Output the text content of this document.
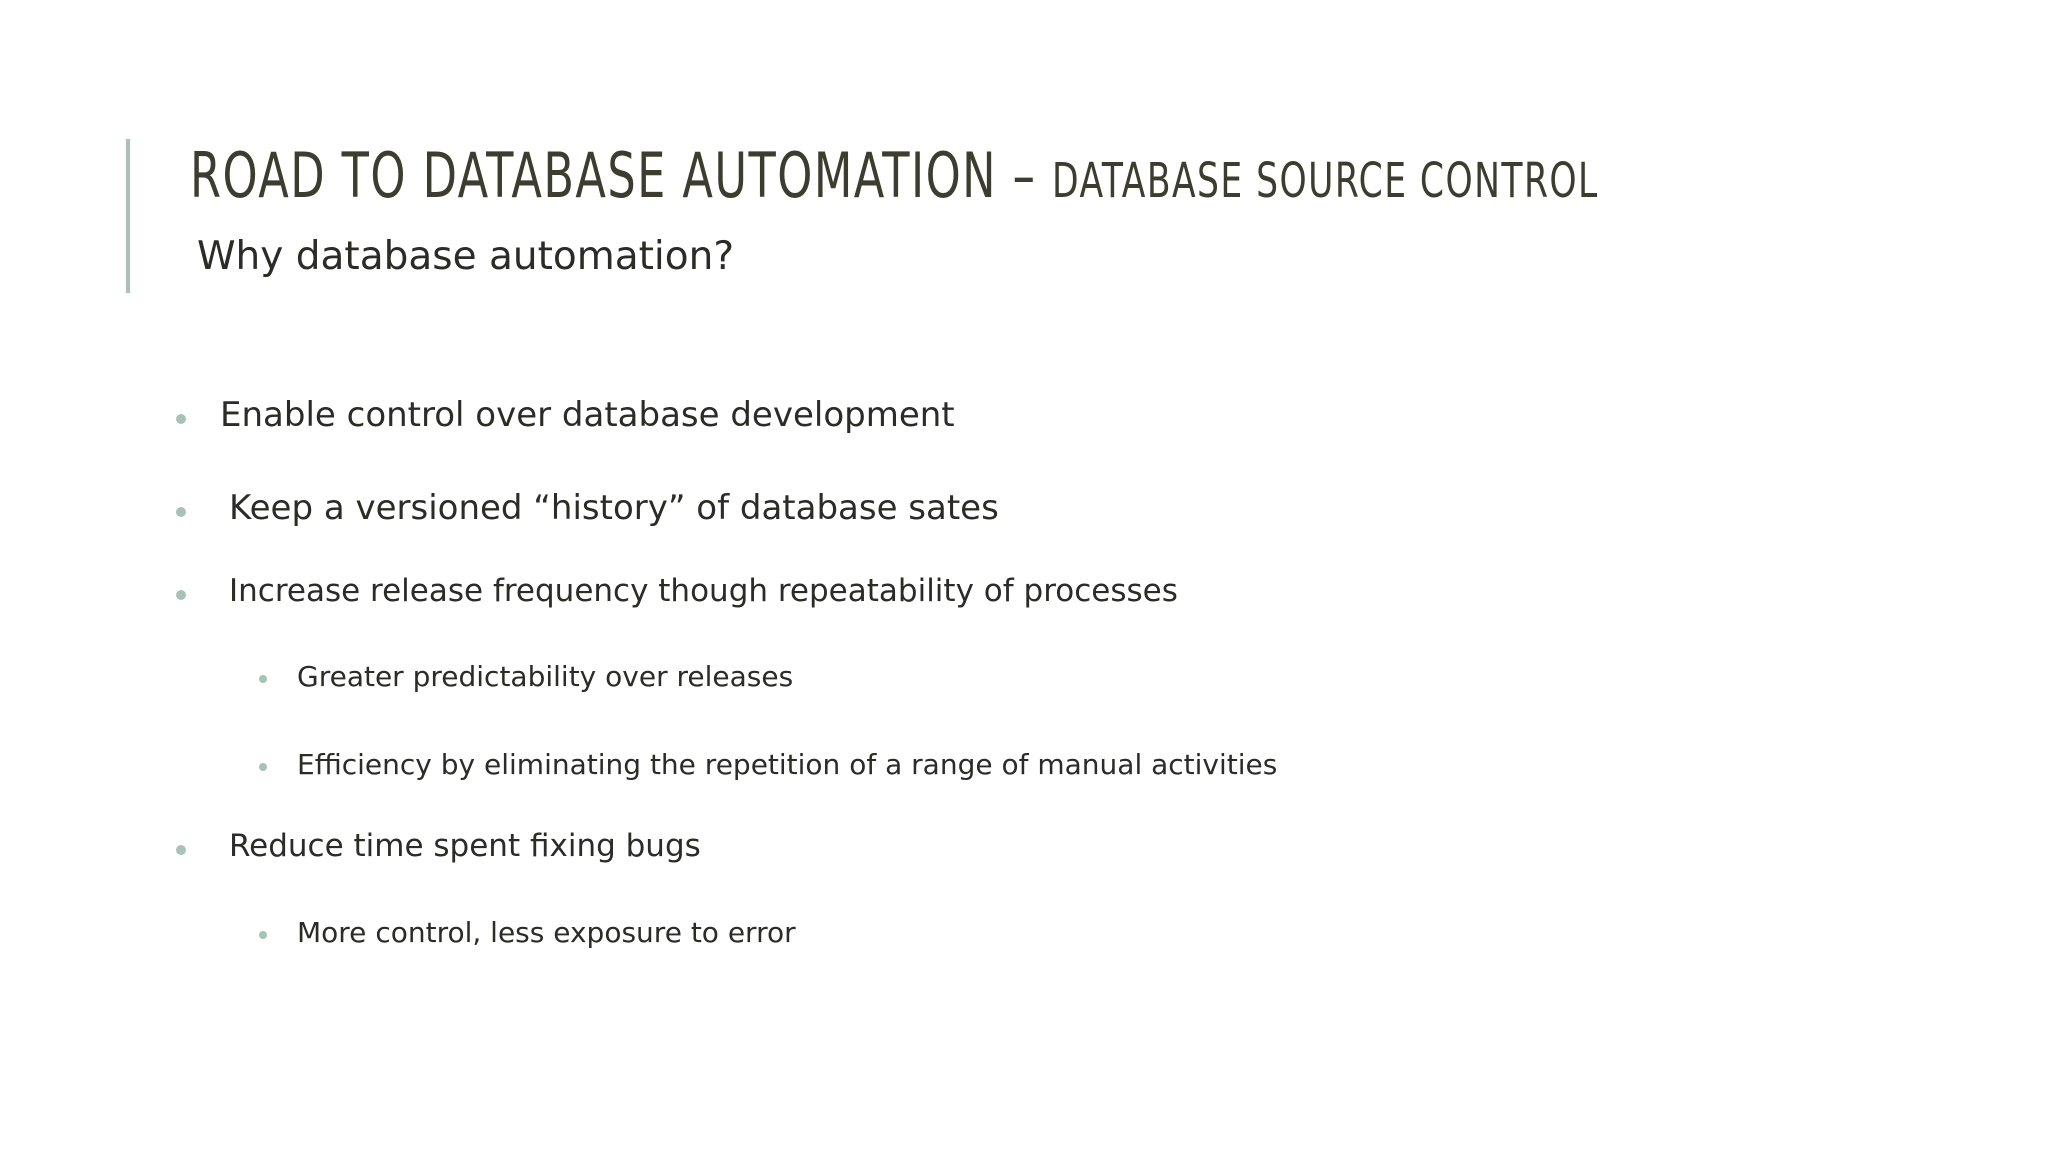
ROAD TO DATABASE AUTOMATION – DATABASE SOURCE CONTROL
Why database automation?
Enable control over database development
Keep a versioned “history” of database sates
Increase release frequency though repeatability of processes
Greater predictability over releases
Efficiency by eliminating the repetition of a range of manual activities
Reduce time spent fixing bugs
More control, less exposure to error
